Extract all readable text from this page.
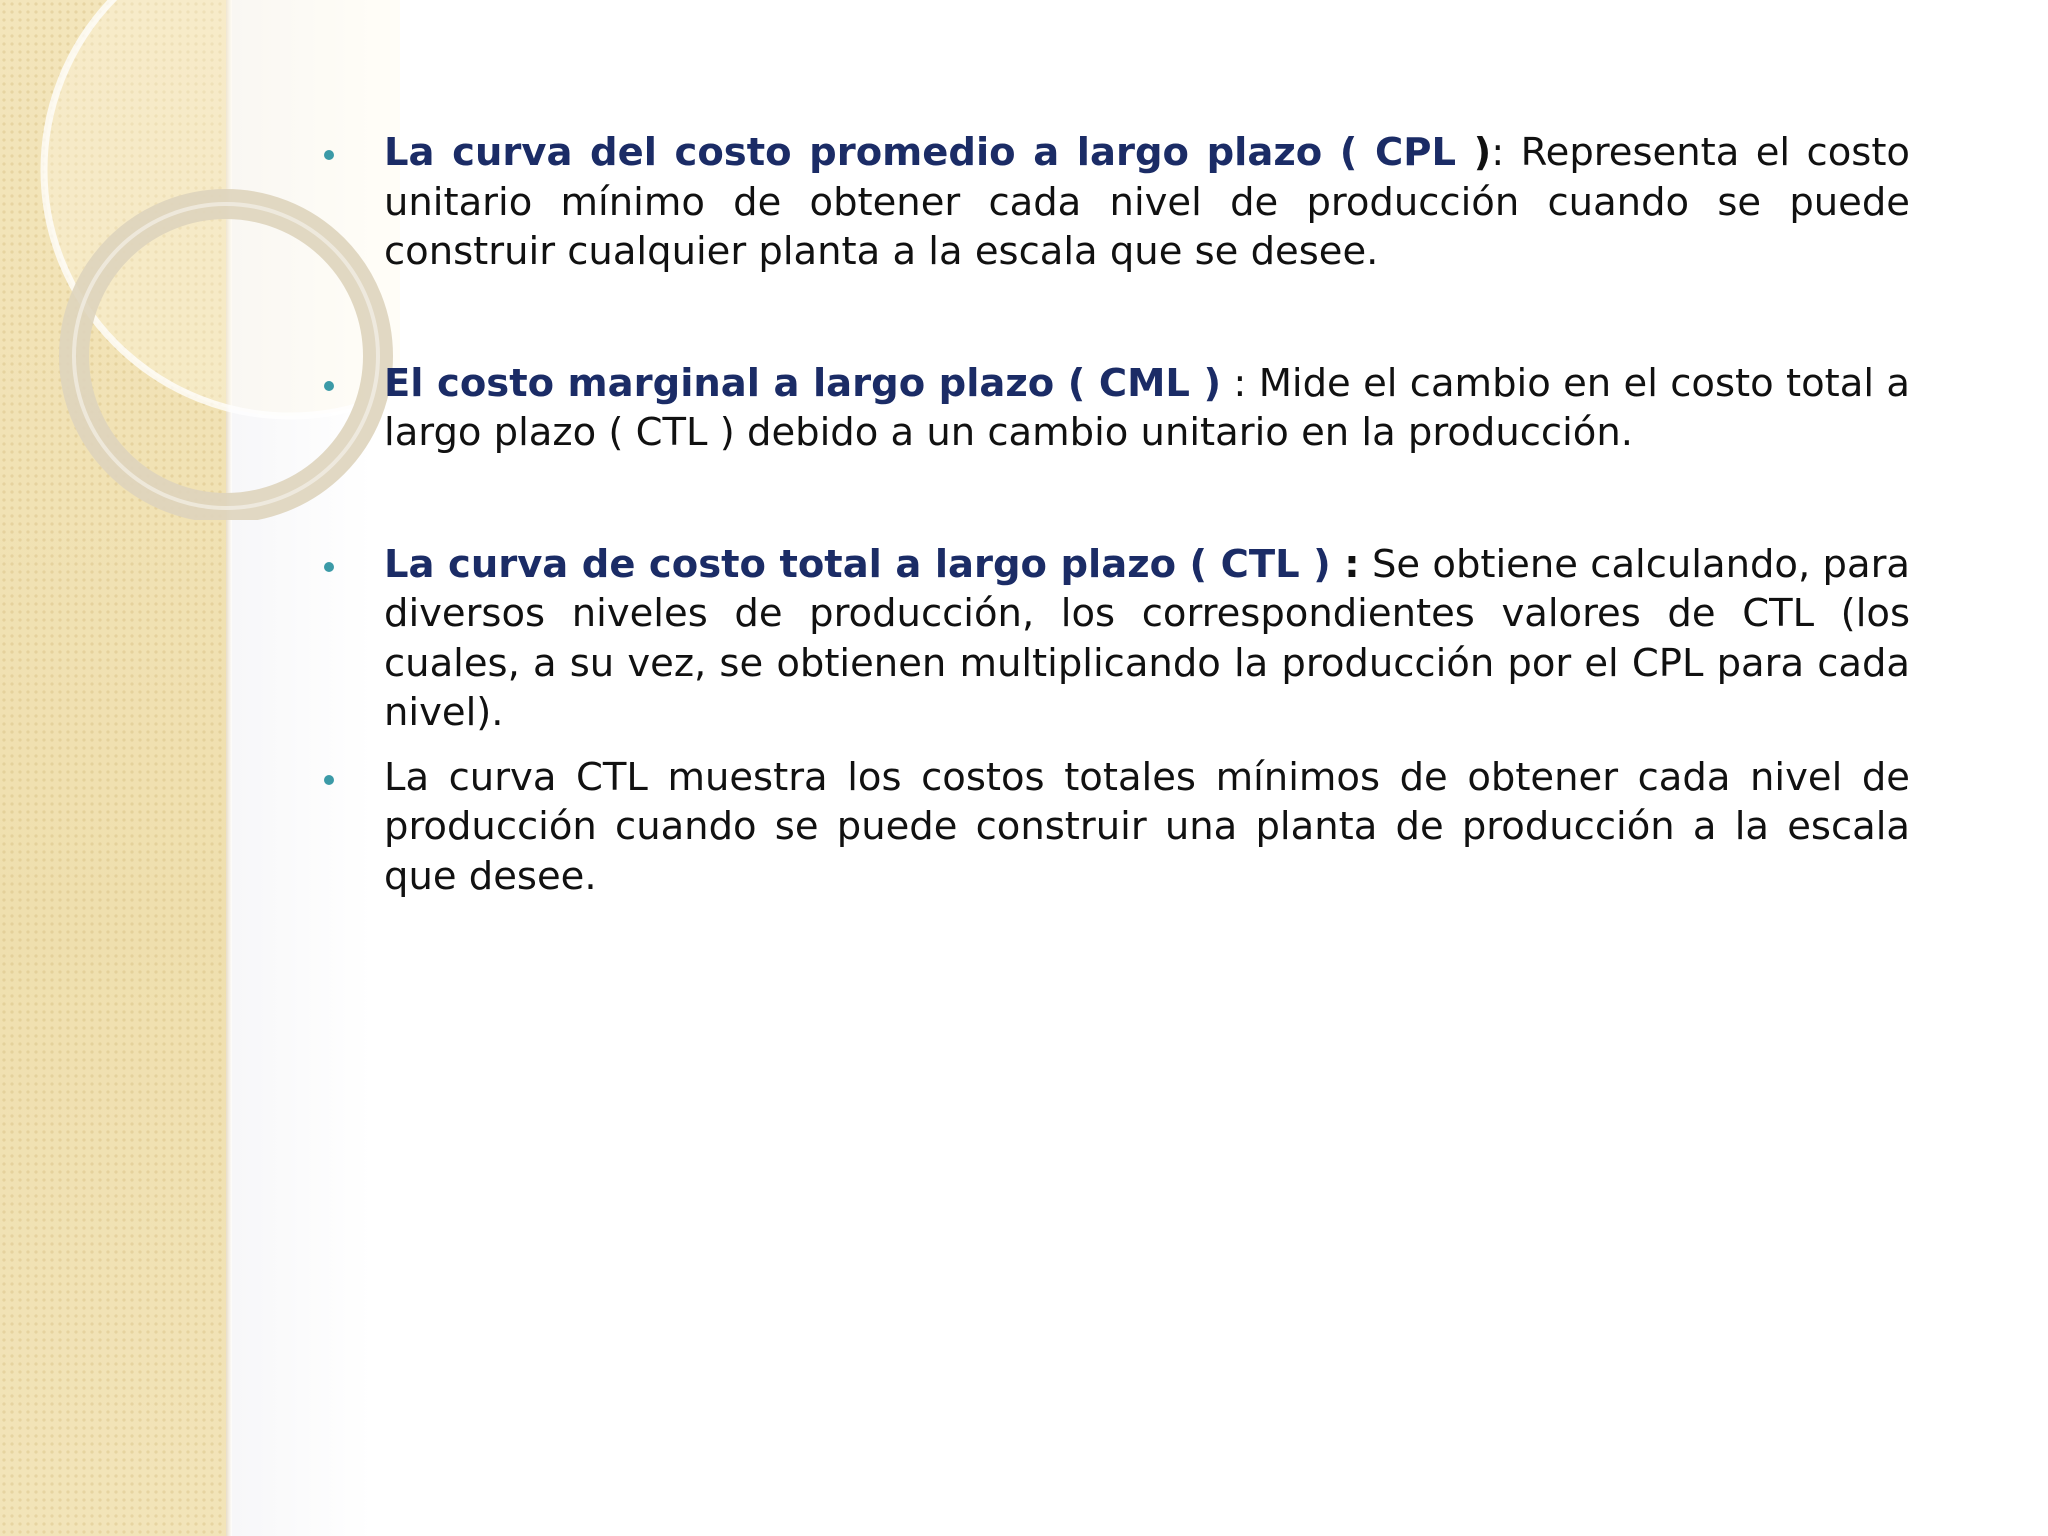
La curva del costo promedio a largo plazo ( CPL ): Representa el costo unitario mínimo de obtener cada nivel de producción cuando se puede construir cualquier planta a la escala que se desee.
El costo marginal a largo plazo ( CML ) : Mide el cambio en el costo total a largo plazo ( CTL ) debido a un cambio unitario en la producción.
La curva de costo total a largo plazo ( CTL ) : Se obtiene calculando, para diversos niveles de producción, los correspondientes valores de CTL (los cuales, a su vez, se obtienen multiplicando la producción por el CPL para cada nivel).
La curva CTL muestra los costos totales mínimos de obtener cada nivel de producción cuando se puede construir una planta de producción a la escala que desee.
